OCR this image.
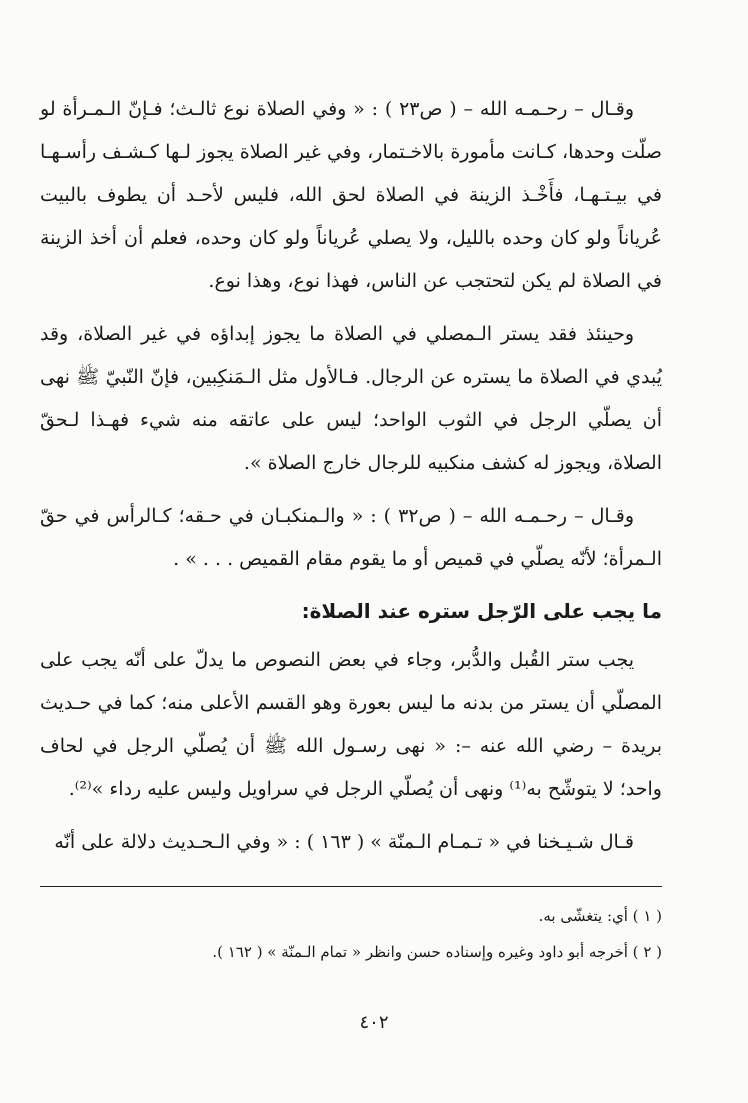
وقـال – رحـمـه الله – ( ص٢٣ ) : « وفي الصلاة نوع ثالـث؛ فـإنّ الـمـرأة لو صلّت وحدها، كـانت مأمورة بالاخـتمار، وفي غير الصلاة يجوز لـها كـشـف رأسـهـا في بيـتـهـا، فأَخْـذ الزينة في الصلاة لحق الله، فليس لأحـد أن يطوف بالبيت عُرياناً ولو كان وحده بالليل، ولا يصلي عُرياناً ولو كان وحده، فعلم أن أخذ الزينة في الصلاة لم يكن لتحتجب عن الناس، فهذا نوع، وهذا نوع.

وحينئذ فقد يستر الـمصلي في الصلاة ما يجوز إبداؤه في غير الصلاة، وقد يُبدي في الصلاة ما يستره عن الرجال. فـالأول مثل الـمَنكِبين، فإنّ النّبيّ ﷺ نهى أن يصلّي الرجل في الثوب الواحد؛ ليس على عاتقه منه شيء فهـذا لـحقّ الصلاة، ويجوز له كشف منكبيه للرجال خارج الصلاة ».

وقـال – رحـمـه الله – ( ص٣٢ ) : « والـمنكبـان في حـقه؛ كـالرأس في حقّ الـمرأة؛ لأنّه يصلّي في قميص أو ما يقوم مقام القميص . . . » .

ما يجب على الرّجل ستره عند الصلاة:

يجب ستر القُبل والدُّبر، وجاء في بعض النصوص ما يدلّ على أنّه يجب على المصلّي أن يستر من بدنه ما ليس بعورة وهو القسم الأعلى منه؛ كما في حـديث بريدة – رضي الله عنه –: « نهى رسـول الله ﷺ أن يُصلّي الرجل في لحاف واحد؛ لا يتوشّح به⁽¹⁾ ونهى أن يُصلّي الرجل في سراويل وليس عليه رداء »⁽²⁾.

قـال شـيـخنا في « تـمـام الـمنّة » ( ١٦٣ ) : « وفي الـحـديث دلالة على أنّه

( ١ ) أي: يتغشّى به.

( ٢ ) أخرجه أبو داود وغيره وإسناده حسن وانظر « تمام الـمنّة » ( ١٦٢ ).

٤٠٢
